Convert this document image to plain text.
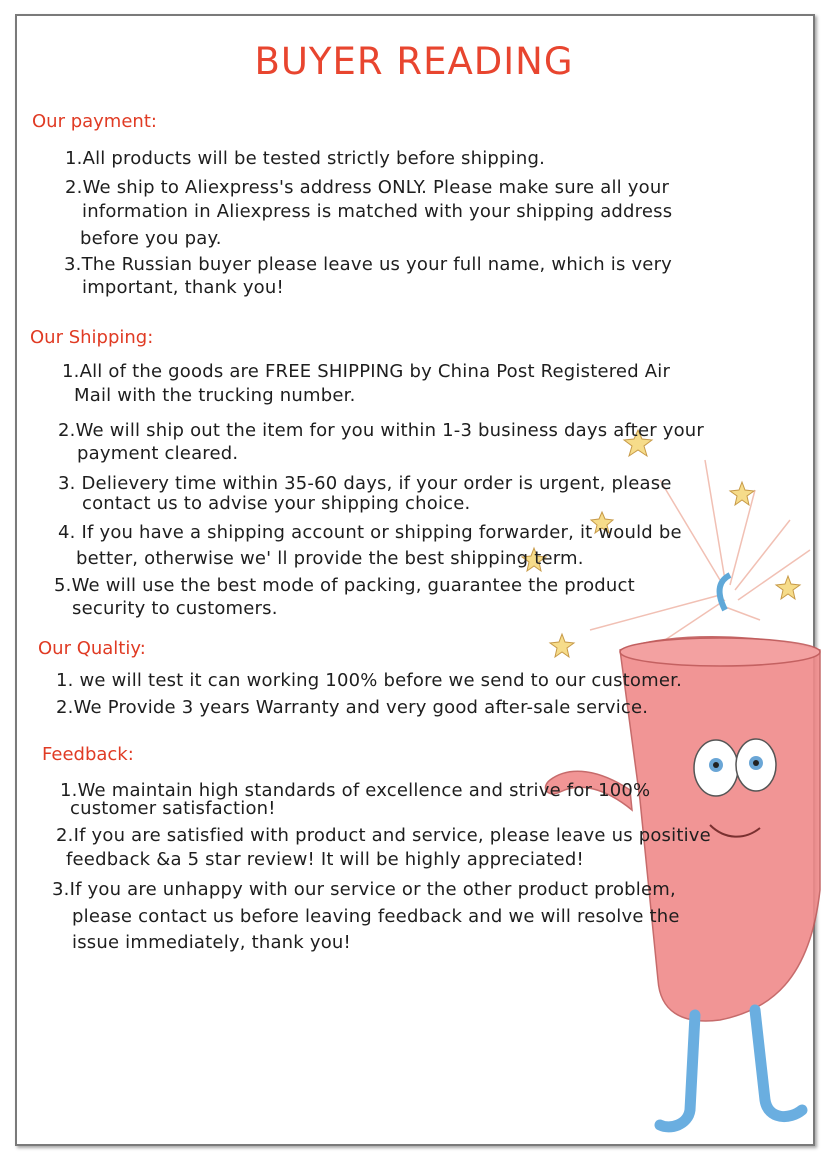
BUYER READING
Our payment:
1.All products will be tested strictly before shipping.
2.We ship to Aliexpress's address ONLY. Please make sure all your
information in Aliexpress is matched with your shipping address
before you pay.
3.The Russian buyer please leave us your full name, which is very
important, thank you!
Our Shipping:
1.All of the goods are FREE SHIPPING by China Post Registered Air
Mail with the trucking number.
2.We will ship out the item for you within 1-3 business days after your
payment cleared.
3. Delievery time within 35-60 days, if your order is urgent, please
contact us to advise your shipping choice.
4. If you have a shipping account or shipping forwarder, it would be
better, otherwise we' ll provide the best shipping term.
5.We will use the best mode of packing, guarantee the product
security to customers.
Our Qualtiy:
1. we will test it can working 100% before we send to our customer.
2.We Provide 3 years Warranty and very good after-sale service.
Feedback:
1.We maintain high standards of excellence and strive for 100%
customer satisfaction!
2.If you are satisfied with product and service, please leave us positive
feedback &a 5 star review! It will be highly appreciated!
3.If you are unhappy with our service or the other product problem,
please contact us before leaving feedback and we will resolve the
issue immediately, thank you!
